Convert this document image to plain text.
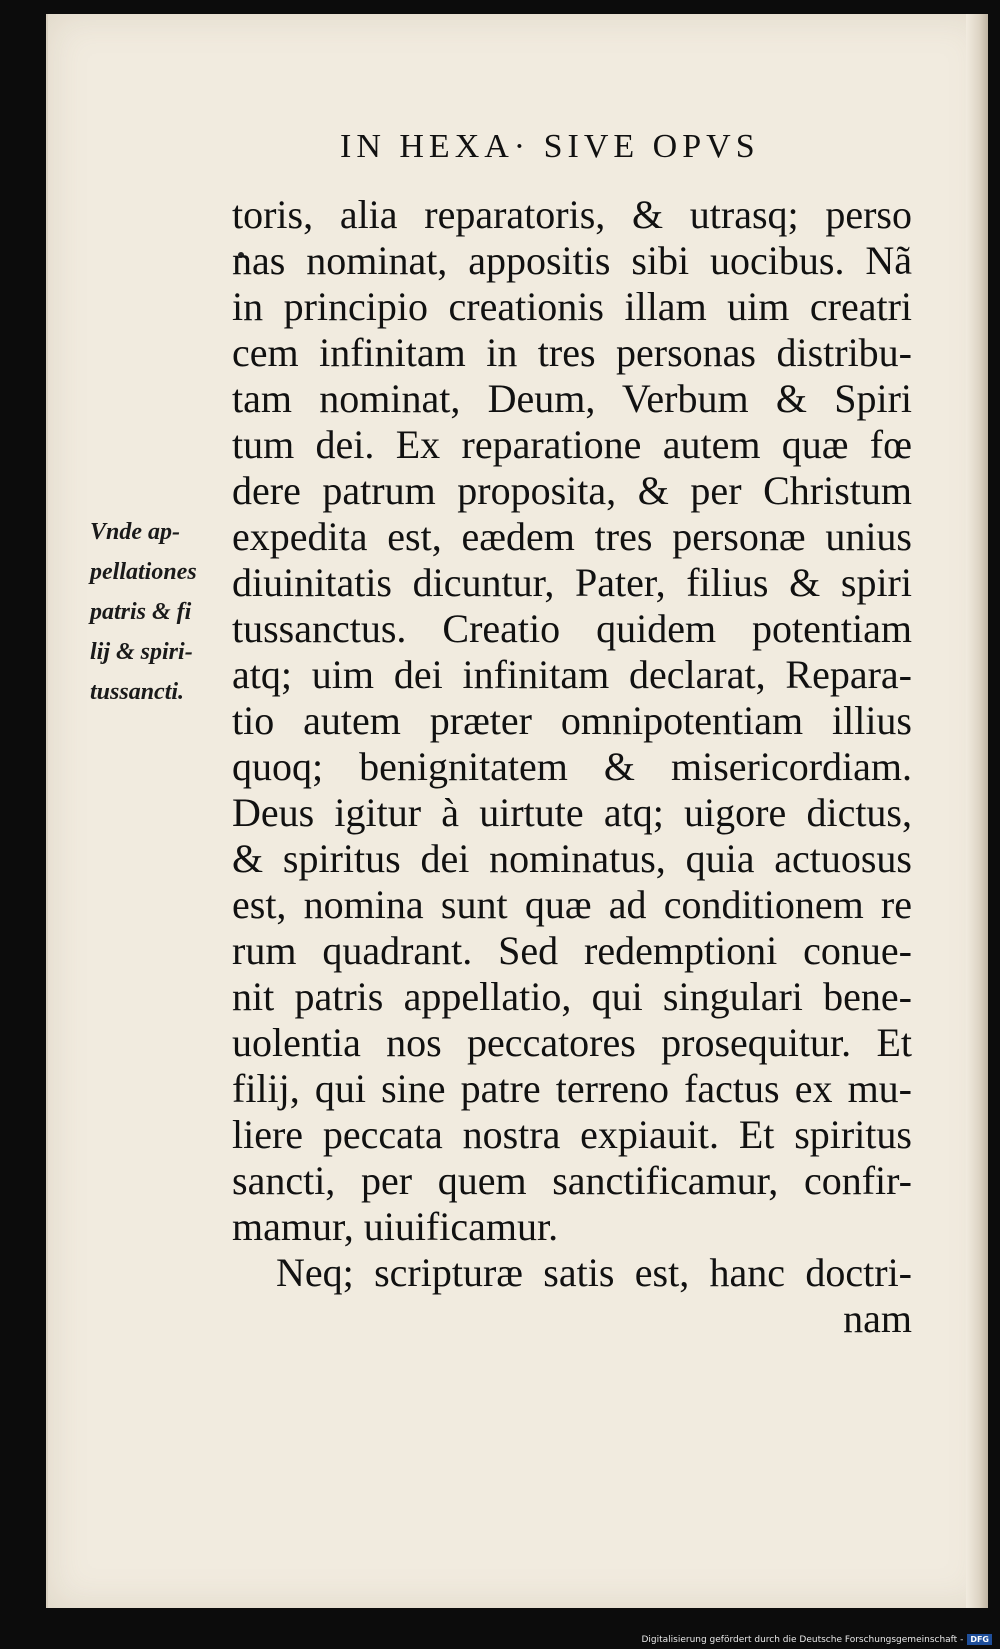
IN HEXA· SIVE OPVS
Vnde ap-
pellationes
patris & fi
lij & spiri-
tussancti.
toris, alia reparatoris, & utrasq; perso
nas nominat, appositis sibi uocibus. Nã
in principio creationis illam uim creatri
cem infinitam in tres personas distribu-
tam nominat, Deum, Verbum & Spiri
tum dei. Ex reparatione autem quæ fœ
dere patrum proposita, & per Christum
expedita est, eædem tres personæ unius
diuinitatis dicuntur, Pater, filius & spiri
tussanctus. Creatio quidem potentiam
atq; uim dei infinitam declarat, Repara-
tio autem præter omnipotentiam illius
quoq; benignitatem & misericordiam.
Deus igitur à uirtute atq; uigore dictus,
& spiritus dei nominatus, quia actuosus
est, nomina sunt quæ ad conditionem re
rum quadrant. Sed redemptioni conue-
nit patris appellatio, qui singulari bene-
uolentia nos peccatores prosequitur. Et
filij, qui sine patre terreno factus ex mu-
liere peccata nostra expiauit. Et spiritus
sancti, per quem sanctificamur, confir-
mamur, uiuificamur.
Neq; scripturæ satis est, hanc doctri-
nam
Digitalisierung gefördert durch die Deutsche Forschungsgemeinschaft - DFG
